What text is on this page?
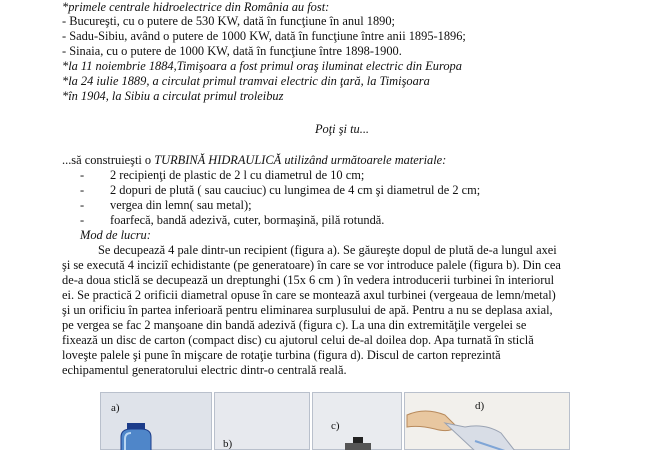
*primele centrale hidroelectrice din România au fost:
- Bucureşti, cu o putere de 530 KW, dată în funcţiune în anul 1890;
- Sadu-Sibiu, având o putere de 1000 KW, dată în funcţiune între anii 1895-1896;
- Sinaia, cu o putere de 1000 KW, dată în funcţiune între 1898-1900.
*la 11 noiembrie 1884,Timişoara a fost primul oraş iluminat electric din Europa
*la 24 iulie 1889, a circulat primul tramvai electric din ţară, la Timişoara
*în 1904, la Sibiu a circulat primul troleibuz
Poţi şi tu...
...să construieşti o TURBINĂ HIDRAULICĂ utilizând următoarele materiale:
- 2 recipienţi de plastic de 2 l cu diametrul de 10 cm;
- 2 dopuri de plută ( sau cauciuc) cu lungimea de 4 cm şi diametrul de 2 cm;
- vergea din lemn( sau metal);
- foarfecă, bandă adezivă, cuter, bormaşină, pilă rotundă.
Mod de lucru:
Se decupează 4 pale dintr-un recipient (figura a). Se găureşte dopul de plută de-a lungul axei
şi se execută 4 inciziî echidistante (pe generatoare) în care se vor introduce palele (figura b). Din cea
de-a doua sticlă se decupează un dreptunghi (15x 6 cm ) în vedera introducerii turbinei în interiorul
ei. Se practică 2 orificii diametral opuse în care se montează axul turbinei (vergeaua de lemn/metal)
şi un orificiu în partea inferioară pentru eliminarea surplusului de apă. Pentru a nu se deplasa axial,
pe vergea se fac 2 manşoane din bandă adezivă (figura c). La una din extremităţile vergelei se
fixează un disc de carton (compact disc) cu ajutorul celui de-al doilea dop. Apa turnată în sticlă
loveşte palele şi pune în mişcare de rotaţie turbina (figura d). Discul de carton reprezintă
echipamentul generatorului electric dintr-o centrală reală.
a)
b)
c)
d)
